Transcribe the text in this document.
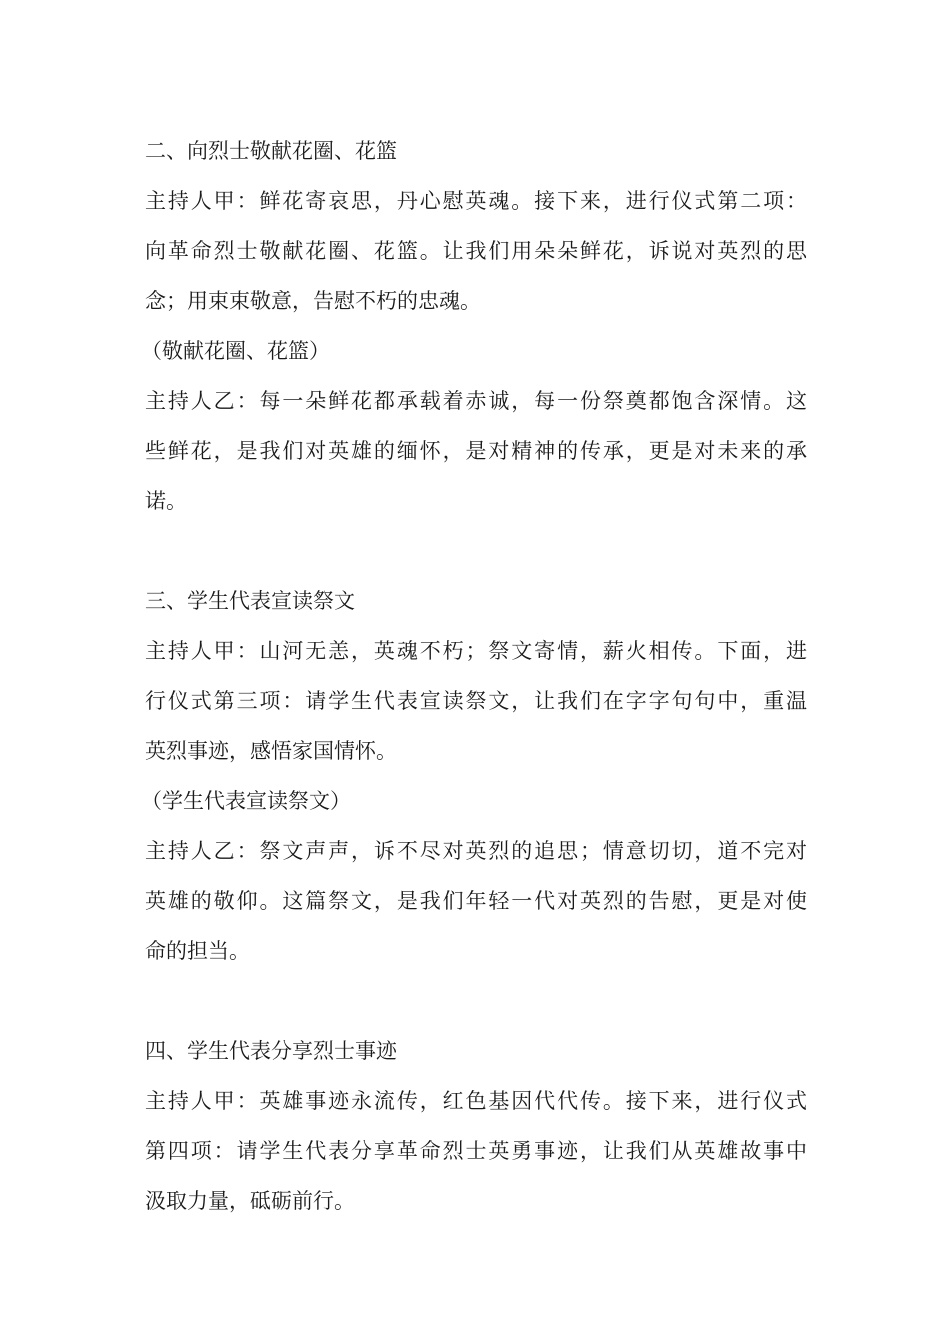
二、向烈士敬献花圈、花篮
主持人甲：鲜花寄哀思，丹心慰英魂。接下来，进行仪式第二项：
向革命烈士敬献花圈、花篮。让我们用朵朵鲜花，诉说对英烈的思
念；用束束敬意，告慰不朽的忠魂。
（敬献花圈、花篮）
主持人乙：每一朵鲜花都承载着赤诚，每一份祭奠都饱含深情。这
些鲜花，是我们对英雄的缅怀，是对精神的传承，更是对未来的承
诺。
三、学生代表宣读祭文
主持人甲：山河无恙，英魂不朽；祭文寄情，薪火相传。下面，进
行仪式第三项：请学生代表宣读祭文，让我们在字字句句中，重温
英烈事迹，感悟家国情怀。
（学生代表宣读祭文）
主持人乙：祭文声声，诉不尽对英烈的追思；情意切切，道不完对
英雄的敬仰。这篇祭文，是我们年轻一代对英烈的告慰，更是对使
命的担当。
四、学生代表分享烈士事迹
主持人甲：英雄事迹永流传，红色基因代代传。接下来，进行仪式
第四项：请学生代表分享革命烈士英勇事迹，让我们从英雄故事中
汲取力量，砥砺前行。
